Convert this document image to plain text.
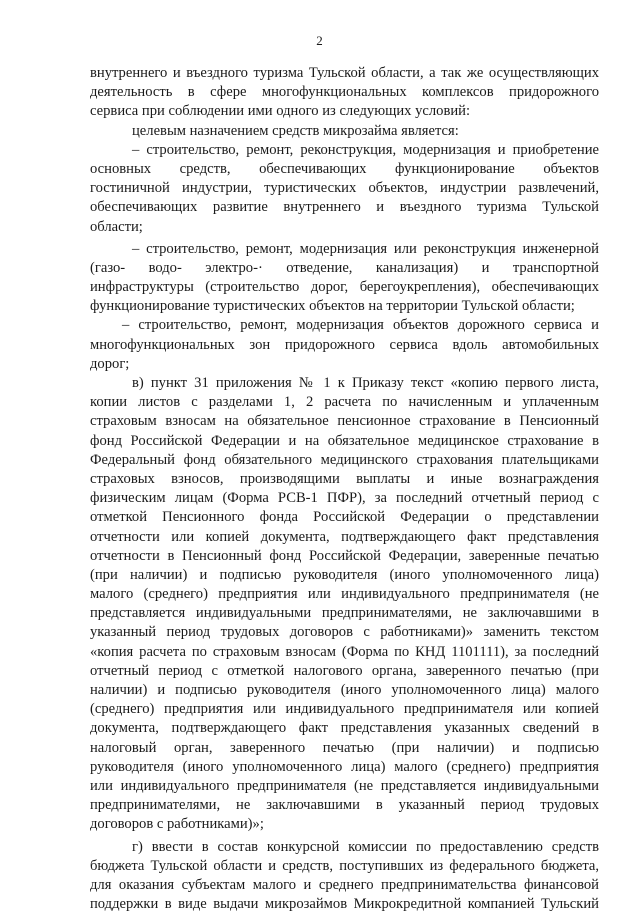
2
внутреннего и въездного туризма Тульской области, а так же осуществляющих
деятельность в сфере многофункциональных комплексов придорожного
сервиса при соблюдении ими одного из следующих условий:
целевым назначением средств микрозайма является:
– строительство, ремонт, реконструкция, модернизация и приобретение
основных средств, обеспечивающих функционирование объектов
гостиничной индустрии, туристических объектов, индустрии развлечений,
обеспечивающих развитие внутреннего и въездного туризма Тульской
области;
– строительство, ремонт, модернизация или реконструкция инженерной
(газо- водо- электро-· отведение, канализация) и транспортной
инфраструктуры (строительство дорог, берегоукрепления), обеспечивающих
функционирование туристических объектов на территории Тульской области;
– строительство, ремонт, модернизация объектов дорожного сервиса и
многофункциональных зон придорожного сервиса вдоль автомобильных
дорог;
в) пункт 31 приложения № 1 к Приказу текст «копию первого листа,
копии листов с разделами 1, 2 расчета по начисленным и уплаченным
страховым взносам на обязательное пенсионное страхование в Пенсионный
фонд Российской Федерации и на обязательное медицинское страхование в
Федеральный фонд обязательного медицинского страхования плательщиками
страховых взносов, производящими выплаты и иные вознаграждения
физическим лицам (Форма РСВ-1 ПФР), за последний отчетный период с
отметкой Пенсионного фонда Российской Федерации о представлении
отчетности или копией документа, подтверждающего факт представления
отчетности в Пенсионный фонд Российской Федерации, заверенные печатью
(при наличии) и подписью руководителя (иного уполномоченного лица)
малого (среднего) предприятия или индивидуального предпринимателя (не
представляется индивидуальными предпринимателями, не заключавшими в
указанный период трудовых договоров с работниками)» заменить текстом
«копия расчета по страховым взносам (Форма по КНД 1101111), за последний
отчетный период с отметкой налогового органа, заверенного печатью (при
наличии) и подписью руководителя (иного уполномоченного лица) малого
(среднего) предприятия или индивидуального предпринимателя или копией
документа, подтверждающего факт представления указанных сведений в
налоговый орган, заверенного печатью (при наличии) и подписью
руководителя (иного уполномоченного лица) малого (среднего) предприятия
или индивидуального предпринимателя (не представляется индивидуальными
предпринимателями, не заключавшими в указанный период трудовых
договоров с работниками)»;
г) ввести в состав конкурсной комиссии по предоставлению средств
бюджета Тульской области и средств, поступивших из федерального бюджета,
для оказания субъектам малого и среднего предпринимательства финансовой
поддержки в виде выдачи микрозаймов Микрокредитной компанией Тульский
